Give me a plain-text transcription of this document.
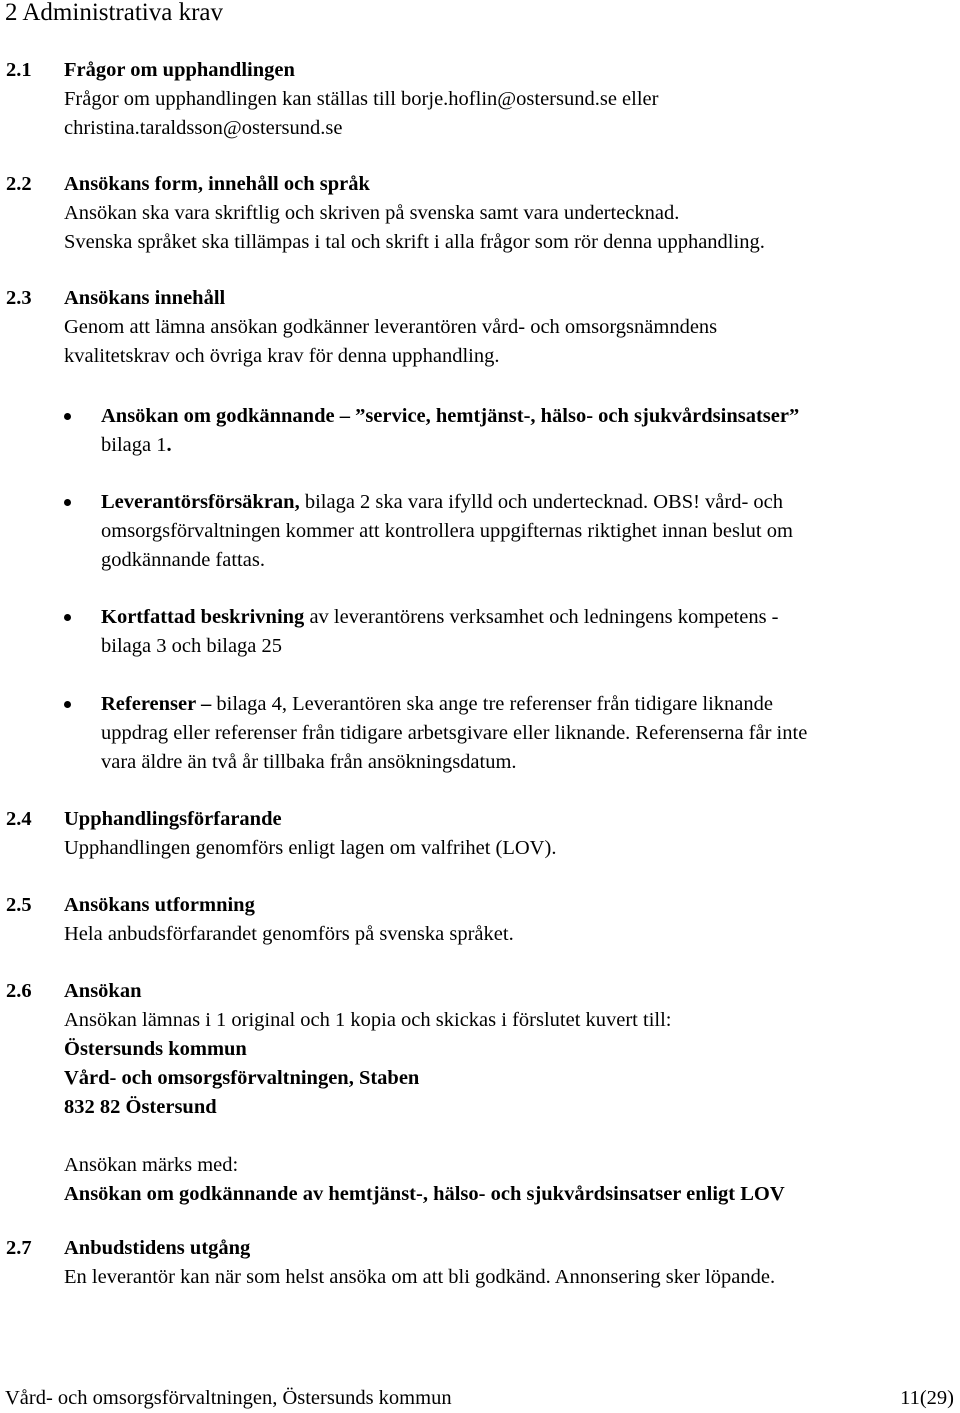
2 Administrativa krav
2.1 Frågor om upphandlingen
Frågor om upphandlingen kan ställas till borje.hoflin@ostersund.se eller
christina.taraldsson@ostersund.se
2.2 Ansökans form, innehåll och språk
Ansökan ska vara skriftlig och skriven på svenska samt vara undertecknad.
Svenska språket ska tillämpas i tal och skrift i alla frågor som rör denna upphandling.
2.3 Ansökans innehåll
Genom att lämna ansökan godkänner leverantören vård- och omsorgsnämndens
kvalitetskrav och övriga krav för denna upphandling.
Ansökan om godkännande – ”service, hemtjänst-, hälso- och sjukvårdsinsatser”
bilaga 1.
Leverantörsförsäkran, bilaga 2 ska vara ifylld och undertecknad. OBS! vård- och
omsorgsförvaltningen kommer att kontrollera uppgifternas riktighet innan beslut om
godkännande fattas.
Kortfattad beskrivning av leverantörens verksamhet och ledningens kompetens -
bilaga 3 och bilaga 25
Referenser – bilaga 4, Leverantören ska ange tre referenser från tidigare liknande
uppdrag eller referenser från tidigare arbetsgivare eller liknande. Referenserna får inte
vara äldre än två år tillbaka från ansökningsdatum.
2.4 Upphandlingsförfarande
Upphandlingen genomförs enligt lagen om valfrihet (LOV).
2.5 Ansökans utformning
Hela anbudsförfarandet genomförs på svenska språket.
2.6 Ansökan
Ansökan lämnas i 1 original och 1 kopia och skickas i förslutet kuvert till:
Östersunds kommun
Vård- och omsorgsförvaltningen, Staben
832 82 Östersund
Ansökan märks med:
Ansökan om godkännande av hemtjänst-, hälso- och sjukvårdsinsatser enligt LOV
2.7 Anbudstidens utgång
En leverantör kan när som helst ansöka om att bli godkänd. Annonsering sker löpande.
Vård- och omsorgsförvaltningen, Östersunds kommun	11(29)
